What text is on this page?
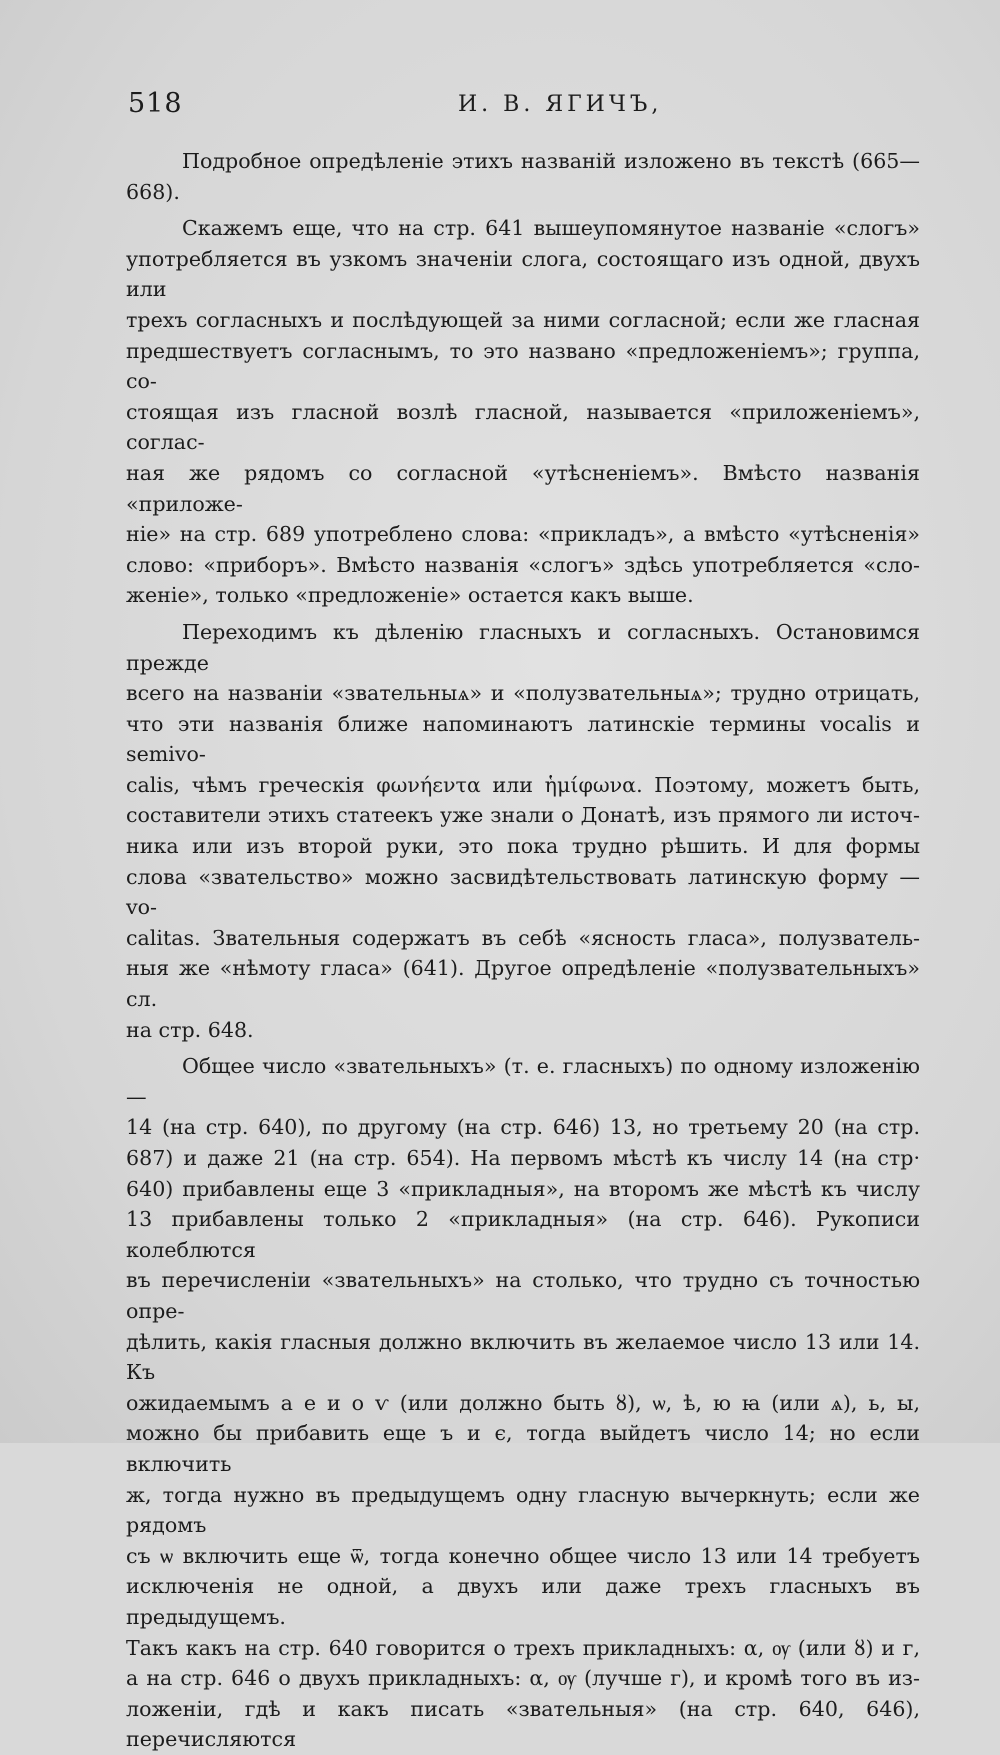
518	И. В. ЯГИЧЪ,

Подробное опредѣленіе этихъ названій изложено въ текстѣ (665—

668).

Скажемъ еще, что на стр. 641 вышеупомянутое названіе «слогъ»

употребляется въ узкомъ значеніи слога, состоящаго изъ одной, двухъ или

трехъ согласныхъ и послѣдующей за ними согласной; если же гласная

предшествуетъ согласнымъ, то это названо «предложеніемъ»; группа, со-

стоящая изъ гласной возлѣ гласной, называется «приложеніемъ», соглас-

ная же рядомъ со согласной «утѣсненіемъ». Вмѣсто названія «приложе-

ніе» на стр. 689 употреблено слова: «прикладъ», а вмѣсто «утѣсненія»

слово: «приборъ». Вмѣсто названія «слогъ» здѣсь употребляется «сло-

женіе», только «предложеніе» остается какъ выше.

Переходимъ къ дѣленію гласныхъ и согласныхъ. Остановимся прежде

всего на названіи «звательныѧ» и «полузвательныѧ»; трудно отрицать,

что эти названія ближе напоминаютъ латинскіе термины vocalis и semivo-

calis, чѣмъ греческія φωνήεντα или ἡμίφωνα. Поэтому, можетъ быть,

составители этихъ статеекъ уже знали о Донатѣ, изъ прямого ли источ-

ника или изъ второй руки, это пока трудно рѣшить. И для формы

слова «звательство» можно засвидѣтельствовать латинскую форму — vo-

calitas. Звательныя содержатъ въ себѣ «ясность гласа», полузватель-

ныя же «нѣмоту гласа» (641). Другое опредѣленіе «полузвательныхъ» сл.

на стр. 648.

Общее число «звательныхъ» (т. е. гласныхъ) по одному изложенію —

14 (на стр. 640), по другому (на стр. 646) 13, но третьему 20 (на стр.

687) и даже 21 (на стр. 654). На первомъ мѣстѣ къ числу 14 (на стр·

640) прибавлены еще 3 «прикладныя», на второмъ же мѣстѣ къ числу

13 прибавлены только 2 «прикладныя» (на стр. 646). Рукописи колеблются

въ перечисленіи «звательныхъ» на столько, что трудно съ точностью опре-

дѣлить, какія гласныя должно включить въ желаемое число 13 или 14. Къ

ожидаемымъ а е и о ѵ (или должно быть ȣ), ѡ, ѣ, ю ꙗ (или ѧ), ь, ы,

можно бы прибавить еще ъ и є, тогда выйдетъ число 14; но если включить

ж, тогда нужно въ предыдущемъ одну гласную вычеркнуть; если же рядомъ

съ ѡ включить еще ѿ, тогда конечно общее число 13 или 14 требуетъ

исключенія не одной, а двухъ или даже трехъ гласныхъ въ предыдущемъ.

Такъ какъ на стр. 640 говорится о трехъ прикладныхъ: α, ѹ (или ȣ) и г,

а на стр. 646 о двухъ прикладныхъ: α, ѹ (лучше г), и кромѣ того въ из-

ложеніи, гдѣ и какъ писать «звательныя» (на стр. 640, 646), перечисляются
